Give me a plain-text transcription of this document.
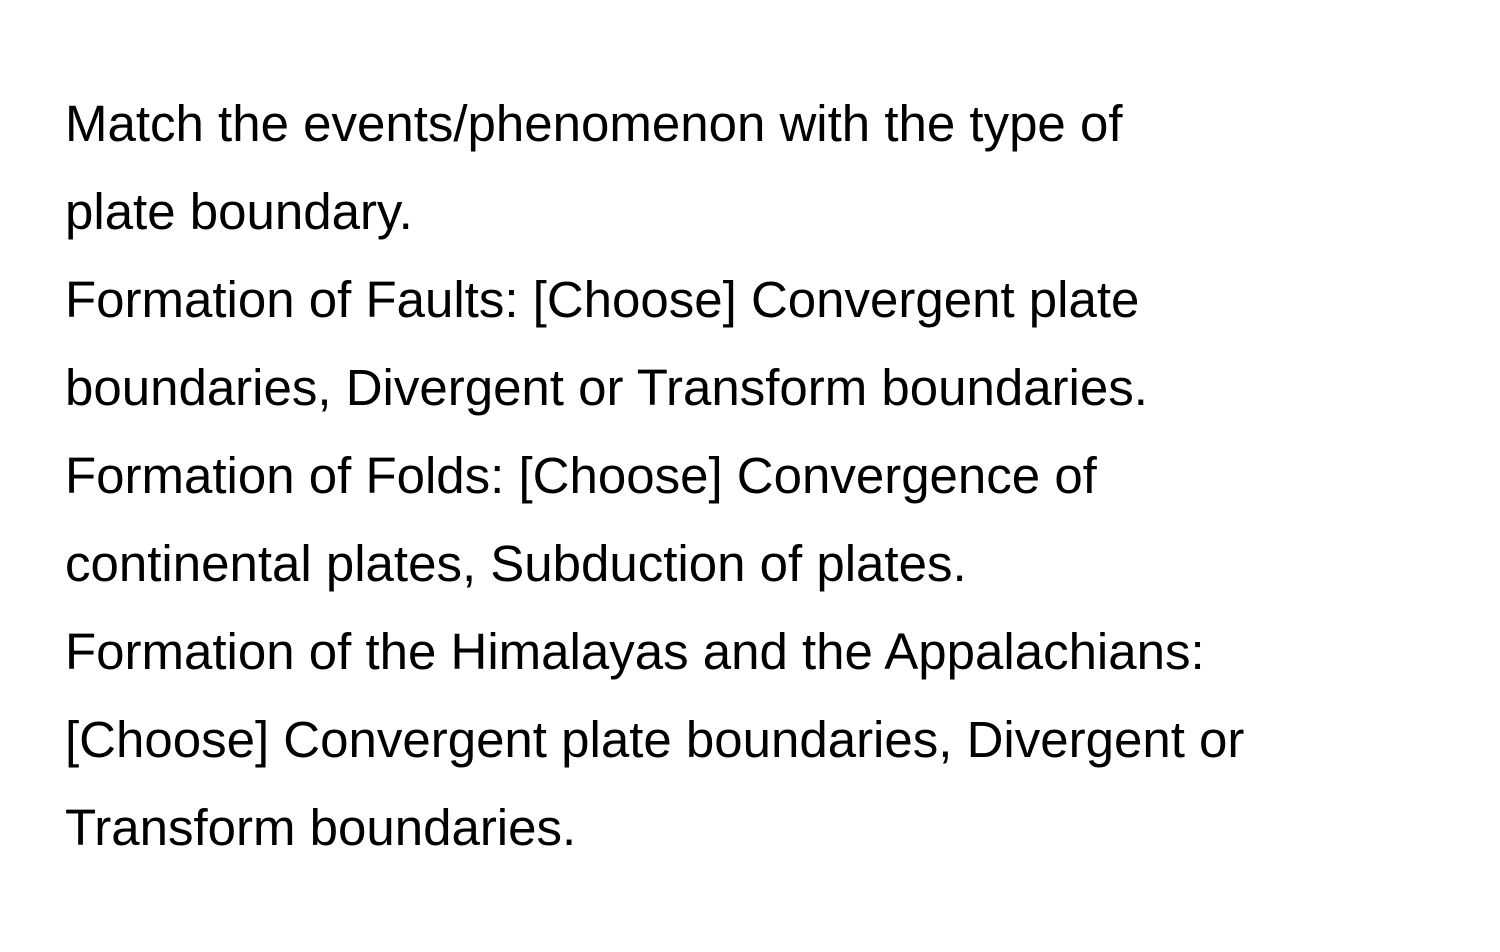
Match the events/phenomenon with the type of

plate boundary.

Formation of Faults: [Choose] Convergent plate

boundaries, Divergent or Transform boundaries.

Formation of Folds: [Choose] Convergence of

continental plates, Subduction of plates.

Formation of the Himalayas and the Appalachians:

[Choose] Convergent plate boundaries, Divergent or

Transform boundaries.
